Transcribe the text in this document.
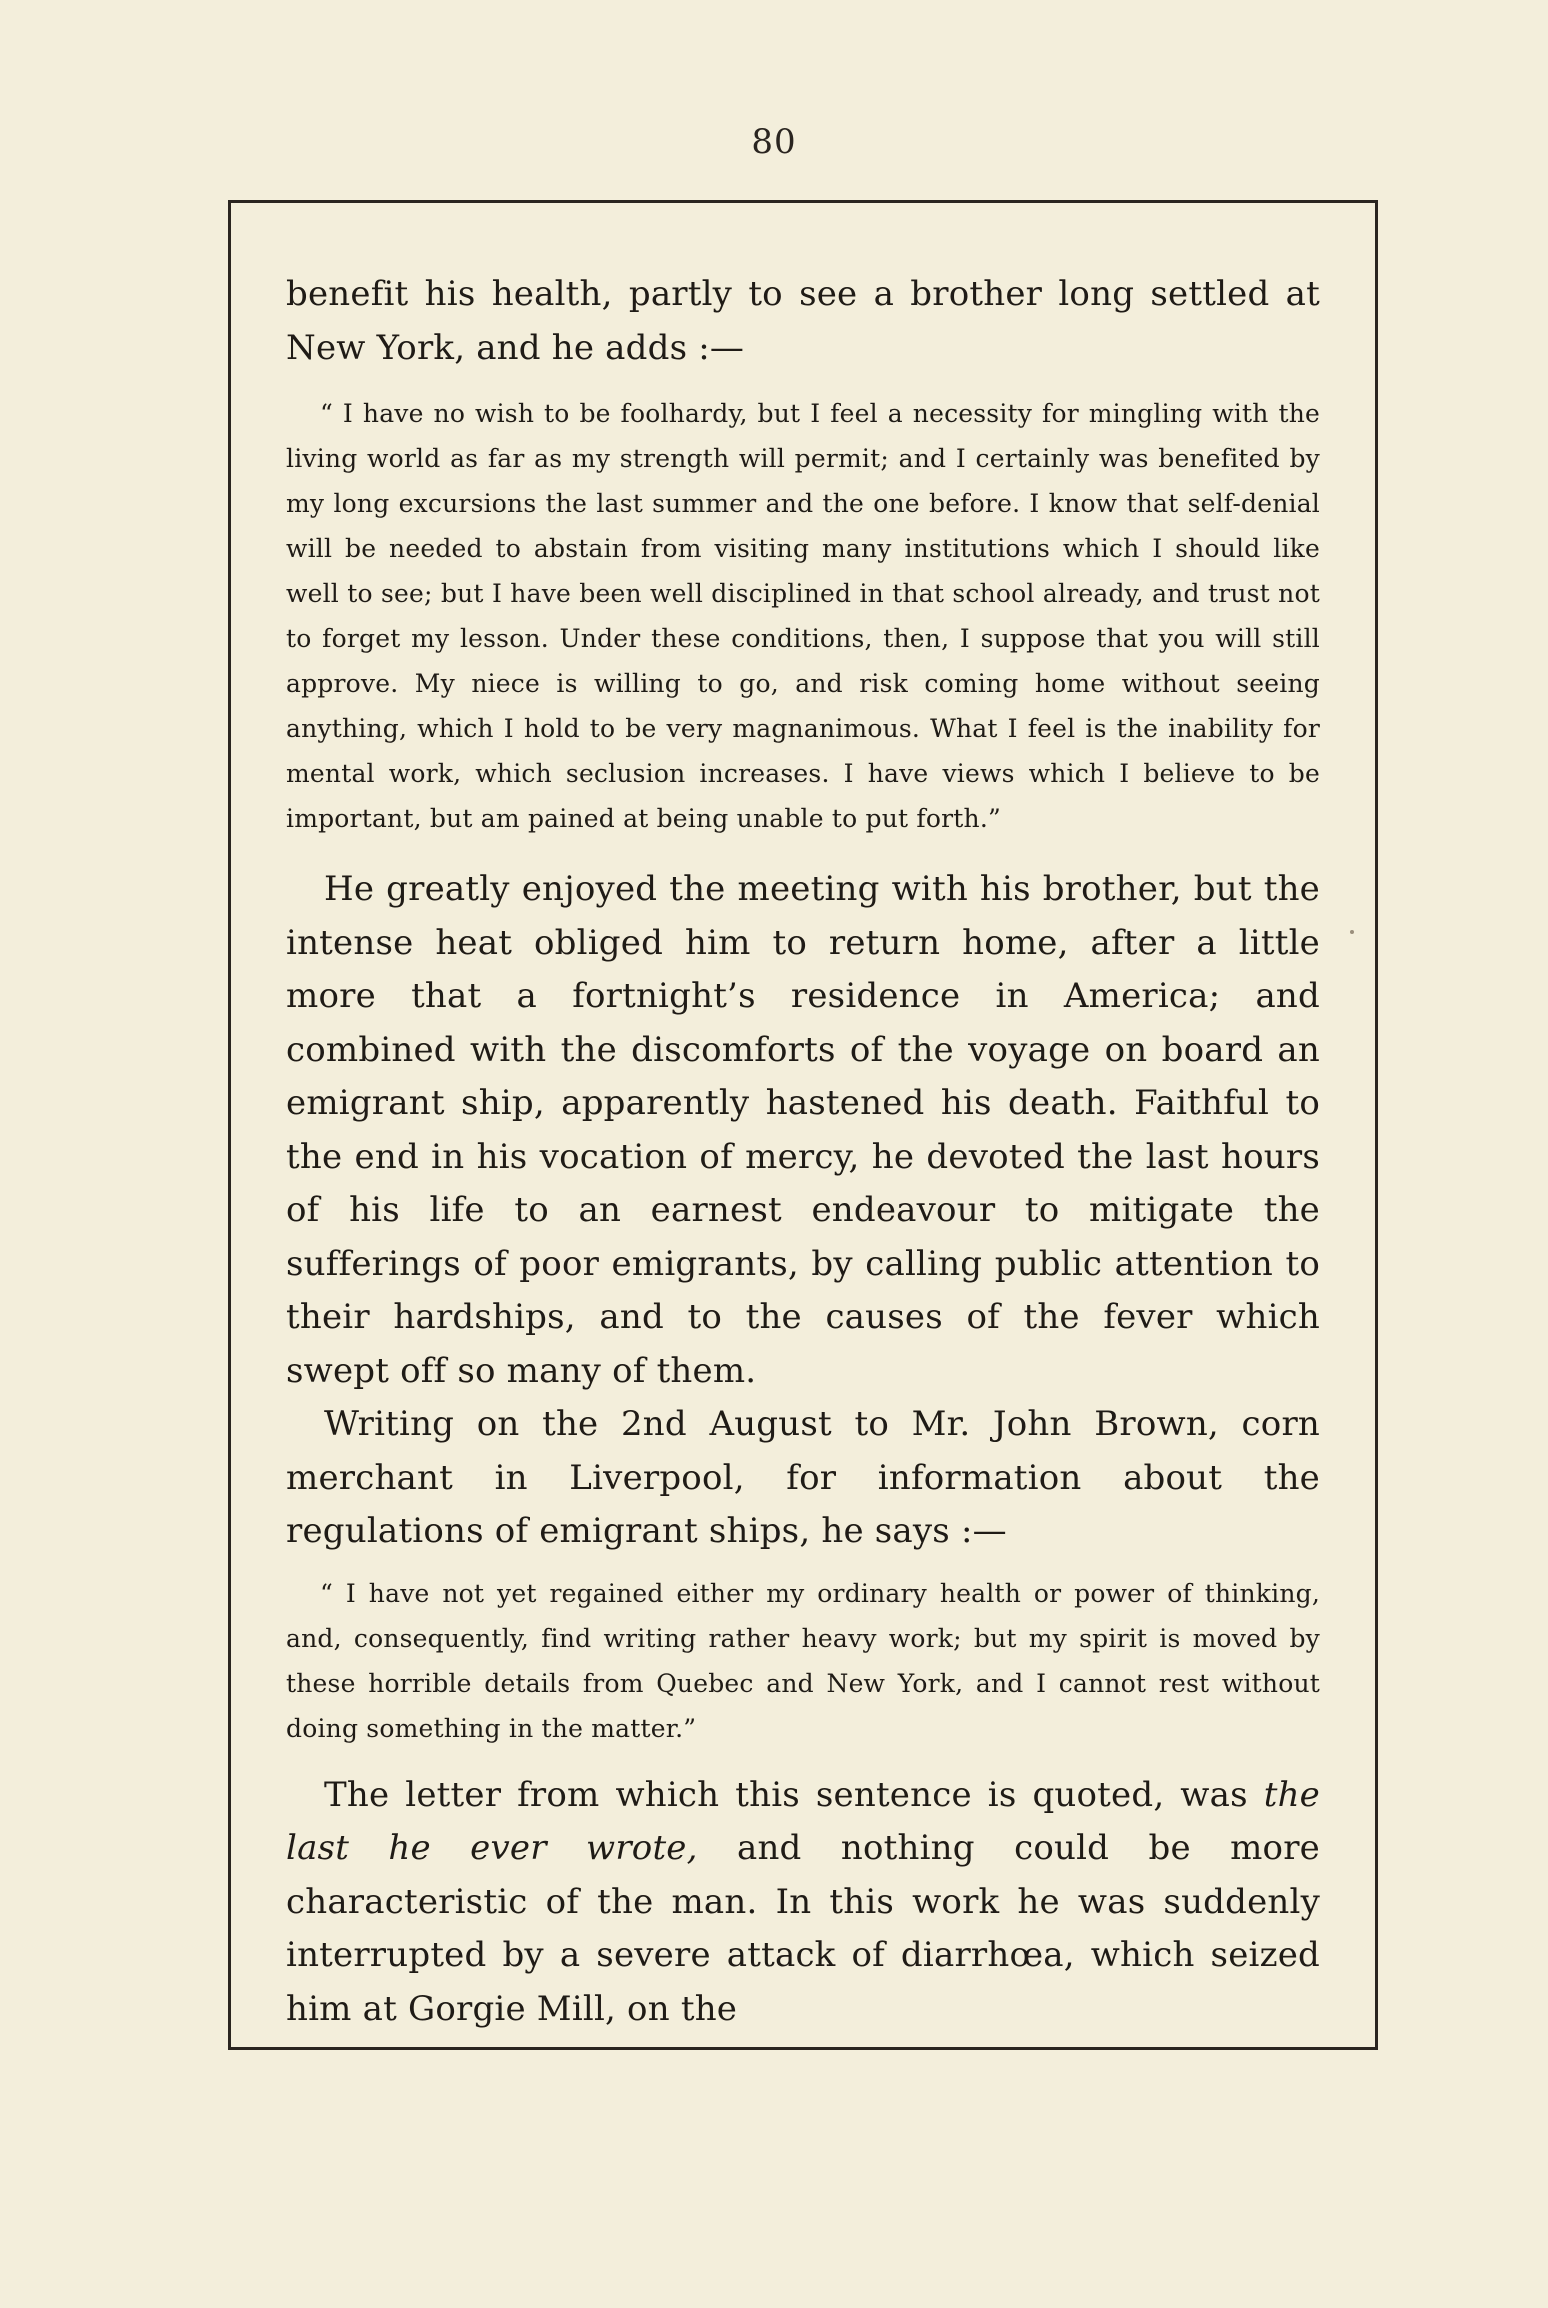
80

benefit his health, partly to see a brother long settled at New York, and he adds :—

“ I have no wish to be foolhardy, but I feel a necessity for mingling with the living world as far as my strength will permit; and I certainly was benefited by my long excursions the last summer and the one before. I know that self-denial will be needed to abstain from visiting many institutions which I should like well to see; but I have been well disciplined in that school already, and trust not to forget my lesson. Under these conditions, then, I suppose that you will still approve. My niece is willing to go, and risk coming home without seeing anything, which I hold to be very magnanimous. What I feel is the inability for mental work, which seclusion increases. I have views which I believe to be important, but am pained at being unable to put forth.”

He greatly enjoyed the meeting with his brother, but the intense heat obliged him to return home, after a little more that a fortnight’s residence in America; and combined with the discomforts of the voyage on board an emigrant ship, apparently hastened his death. Faithful to the end in his vocation of mercy, he devoted the last hours of his life to an earnest endeavour to mitigate the sufferings of poor emigrants, by calling public attention to their hardships, and to the causes of the fever which swept off so many of them.

Writing on the 2nd August to Mr. John Brown, corn merchant in Liverpool, for information about the regulations of emigrant ships, he says :—

“ I have not yet regained either my ordinary health or power of thinking, and, consequently, find writing rather heavy work; but my spirit is moved by these horrible details from Quebec and New York, and I cannot rest without doing something in the matter.”

The letter from which this sentence is quoted, was the last he ever wrote, and nothing could be more characteristic of the man. In this work he was suddenly interrupted by a severe attack of diarrhœa, which seized him at Gorgie Mill, on the
